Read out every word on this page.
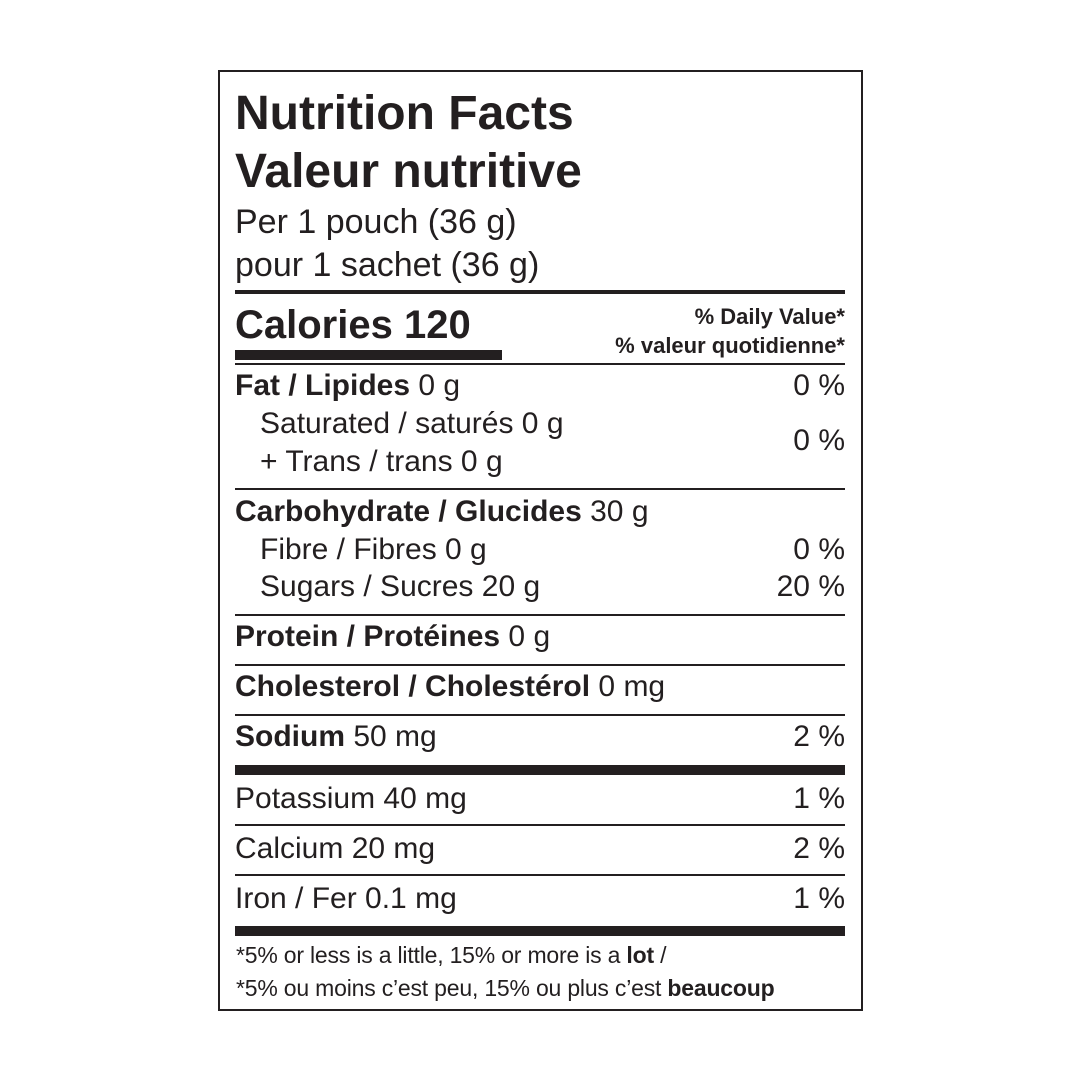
Nutrition Facts
Valeur nutritive
Per 1 pouch (36 g)
pour 1 sachet (36 g)
Calories 120	% Daily Value*
% valeur quotidienne*
Fat / Lipides 0 g	0 %
Saturated / saturés 0 g
+ Trans / trans 0 g
0 %
Carbohydrate / Glucides 30 g
Fibre / Fibres 0 g	0 %
Sugars / Sucres 20 g	20 %
Protein / Protéines 0 g
Cholesterol / Cholestérol 0 mg
Sodium 50 mg	2 %
Potassium 40 mg	1 %
Calcium 20 mg	2 %
Iron / Fer 0.1 mg	1 %
*5% or less is a little, 15% or more is a lot /
*5% ou moins c’est peu, 15% ou plus c’est beaucoup
